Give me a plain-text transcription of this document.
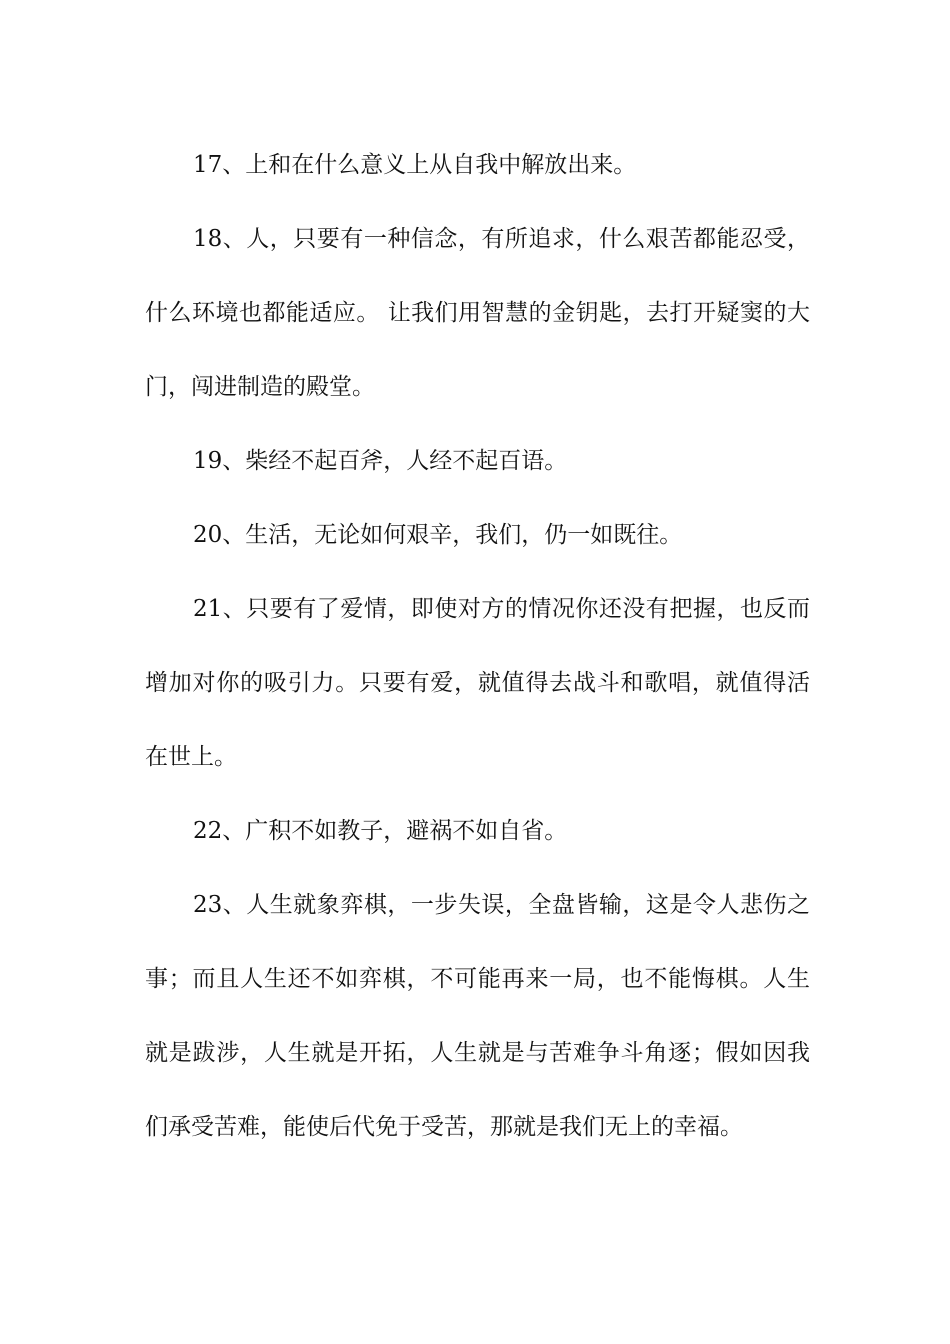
17、上和在什么意义上从自我中解放出来。

18、人，只要有一种信念，有所追求，什么艰苦都能忍受，什么环境也都能适应。 让我们用智慧的金钥匙，去打开疑窦的大门，闯进制造的殿堂。

19、柴经不起百斧，人经不起百语。

20、生活，无论如何艰辛，我们，仍一如既往。

21、只要有了爱情，即使对方的情况你还没有把握，也反而增加对你的吸引力。只要有爱，就值得去战斗和歌唱，就值得活在世上。

22、广积不如教子，避祸不如自省。

23、人生就象弈棋，一步失误，全盘皆输，这是令人悲伤之事；而且人生还不如弈棋，不可能再来一局，也不能悔棋。人生就是跋涉，人生就是开拓，人生就是与苦难争斗角逐；假如因我们承受苦难，能使后代免于受苦，那就是我们无上的幸福。
